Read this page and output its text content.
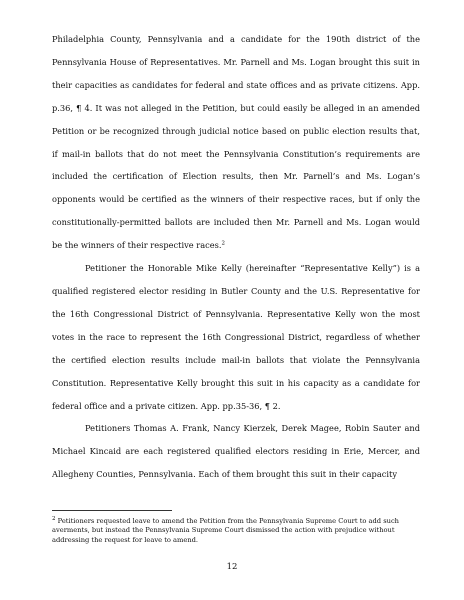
Philadelphia County, Pennsylvania and a candidate for the 190th district of the Pennsylvania House of Representatives. Mr. Parnell and Ms. Logan brought this suit in their capacities as candidates for federal and state offices and as private citizens. App. p.36, ¶ 4. It was not alleged in the Petition, but could easily be alleged in an amended Petition or be recognized through judicial notice based on public election results that, if mail-in ballots that do not meet the Pennsylvania Constitution’s requirements are included the certification of Election results, then Mr. Parnell’s and Ms. Logan’s opponents would be certified as the winners of their respective races, but if only the constitutionally-permitted ballots are included then Mr. Parnell and Ms. Logan would be the winners of their respective races.$^2$

Petitioner the Honorable Mike Kelly (hereinafter “Representative Kelly”) is a qualified registered elector residing in Butler County and the U.S. Representative for the 16th Congressional District of Pennsylvania. Representative Kelly won the most votes in the race to represent the 16th Congressional District, regardless of whether the certified election results include mail-in ballots that violate the Pennsylvania Constitution. Representative Kelly brought this suit in his capacity as a candidate for federal office and a private citizen. App. pp.35-36, ¶ 2.

Petitioners Thomas A. Frank, Nancy Kierzek, Derek Magee, Robin Sauter and Michael Kincaid are each registered qualified electors residing in Erie, Mercer, and Allegheny Counties, Pennsylvania. Each of them brought this suit in their capacity

$^2$ Petitioners requested leave to amend the Petition from the Pennsylvania Supreme Court to add such averments, but instead the Pennsylvania Supreme Court dismissed the action with prejudice without addressing the request for leave to amend.
12
